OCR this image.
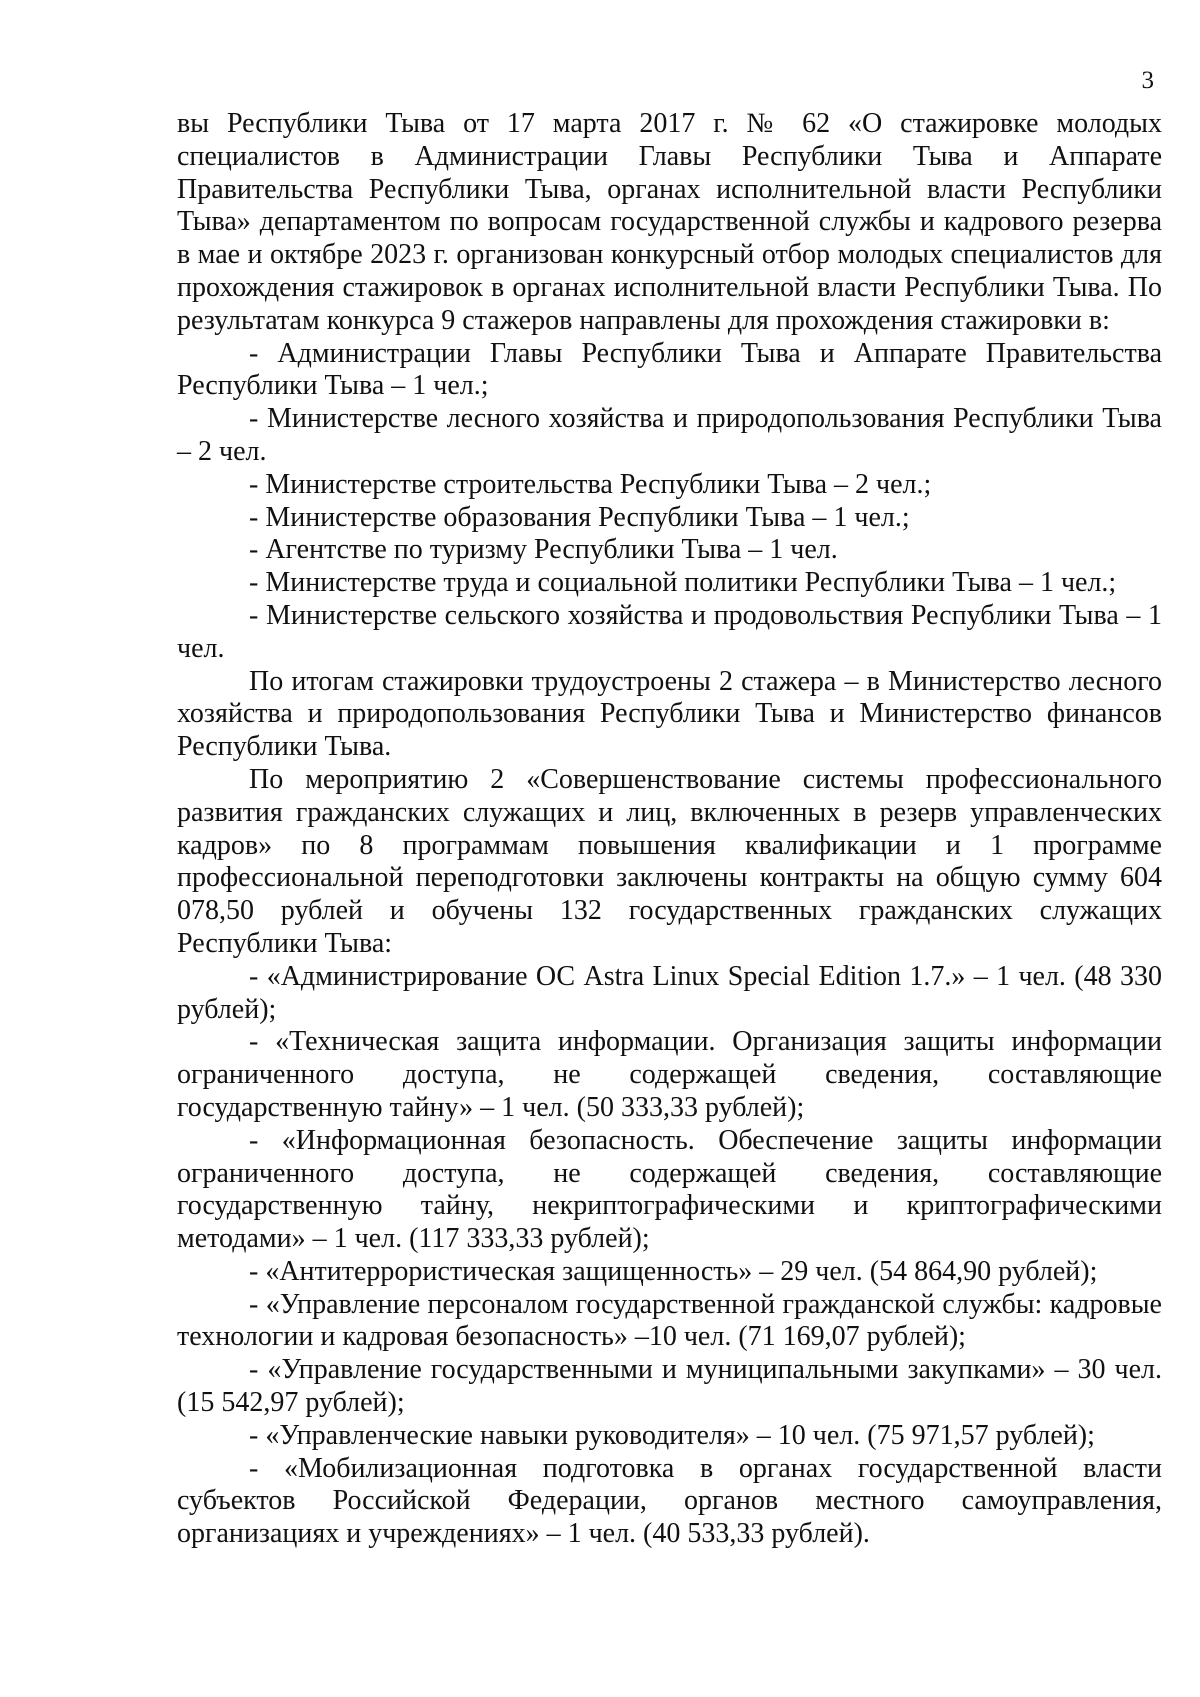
3

вы Республики Тыва от 17 марта 2017 г. № 62 «О стажировке молодых специалистов в Администрации Главы Республики Тыва и Аппарате Правительства Республики Тыва, органах исполнительной власти Республики Тыва» департаментом по вопросам государственной службы и кадрового резерва в мае и октябре 2023 г. организован конкурсный отбор молодых специалистов для прохождения стажировок в органах исполнительной власти Республики Тыва. По результатам конкурса 9 стажеров направлены для прохождения стажировки в:

- Администрации Главы Республики Тыва и Аппарате Правительства Республики Тыва – 1 чел.;

- Министерстве лесного хозяйства и природопользования Республики Тыва – 2 чел.

- Министерстве строительства Республики Тыва – 2 чел.;

- Министерстве образования Республики Тыва – 1 чел.;

- Агентстве по туризму Республики Тыва – 1 чел.

- Министерстве труда и социальной политики Республики Тыва – 1 чел.;

- Министерстве сельского хозяйства и продовольствия Республики Тыва – 1 чел.

По итогам стажировки трудоустроены 2 стажера – в Министерство лесного хозяйства и природопользования Республики Тыва и Министерство финансов Республики Тыва.

По мероприятию 2 «Совершенствование системы профессионального развития гражданских служащих и лиц, включенных в резерв управленческих кадров» по 8 программам повышения квалификации и 1 программе профессиональной переподготовки заключены контракты на общую сумму 604 078,50 рублей и обучены 132 государственных гражданских служащих Республики Тыва:

- «Администрирование ОС Astra Linux Special Edition 1.7.» – 1 чел. (48 330 рублей);

- «Техническая защита информации. Организация защиты информации ограниченного доступа, не содержащей сведения, составляющие государственную тайну» – 1 чел. (50 333,33 рублей);

- «Информационная безопасность. Обеспечение защиты информации ограниченного доступа, не содержащей сведения, составляющие государственную тайну, некриптографическими и криптографическими методами» – 1 чел. (117 333,33 рублей);

- «Антитеррористическая защищенность» – 29 чел. (54 864,90 рублей);

- «Управление персоналом государственной гражданской службы: кадровые технологии и кадровая безопасность» –10 чел. (71 169,07 рублей);

- «Управление государственными и муниципальными закупками» – 30 чел. (15 542,97 рублей);

- «Управленческие навыки руководителя» – 10 чел. (75 971,57 рублей);

- «Мобилизационная подготовка в органах государственной власти субъектов Российской Федерации, органов местного самоуправления, организациях и учреждениях» – 1 чел. (40 533,33 рублей).
